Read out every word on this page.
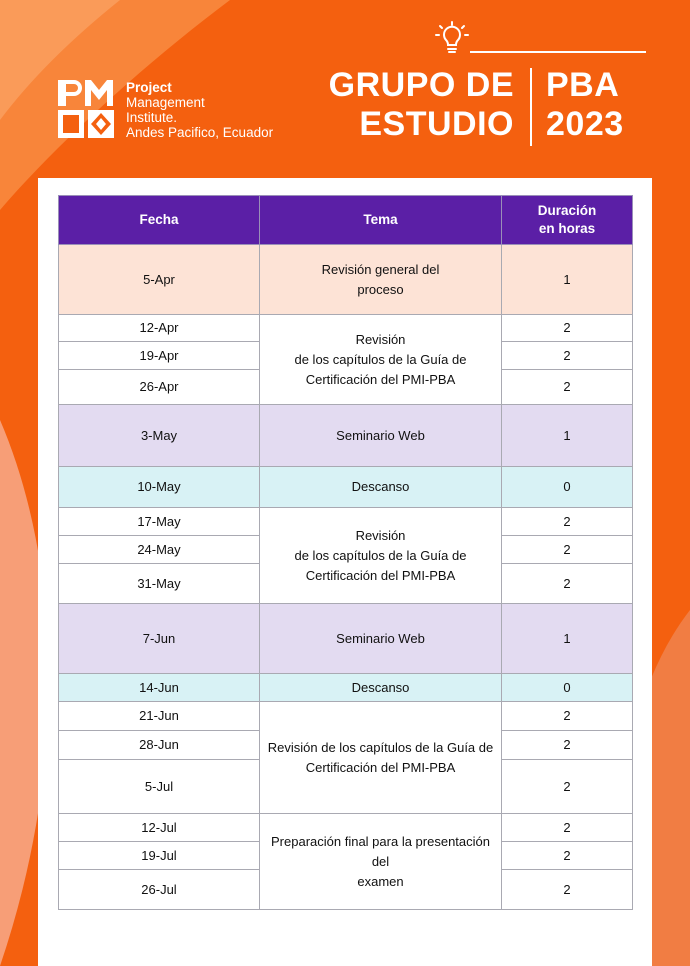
Project
Management
Institute.
Andes Pacifico, Ecuador
GRUPO DE
ESTUDIO
PBA
2023
Fecha	Tema	Duración
en horas

5-Apr	Revisión general del
proceso	1
12-Apr	Revisión
de los capítulos de la Guía de
Certificación del PMI-PBA	2
19-Apr		2
26-Apr		2
3-May	Seminario Web	1
10-May	Descanso	0
17-May	Revisión
de los capítulos de la Guía de
Certificación del PMI-PBA	2
24-May		2
31-May		2
7-Jun	Seminario Web	1
14-Jun	Descanso	0
21-Jun	Revisión de los capítulos de la Guía de
Certificación del PMI-PBA	2
28-Jun		2
5-Jul		2
12-Jul	Preparación final para la presentación
del
examen	2
19-Jul		2
26-Jul		2
